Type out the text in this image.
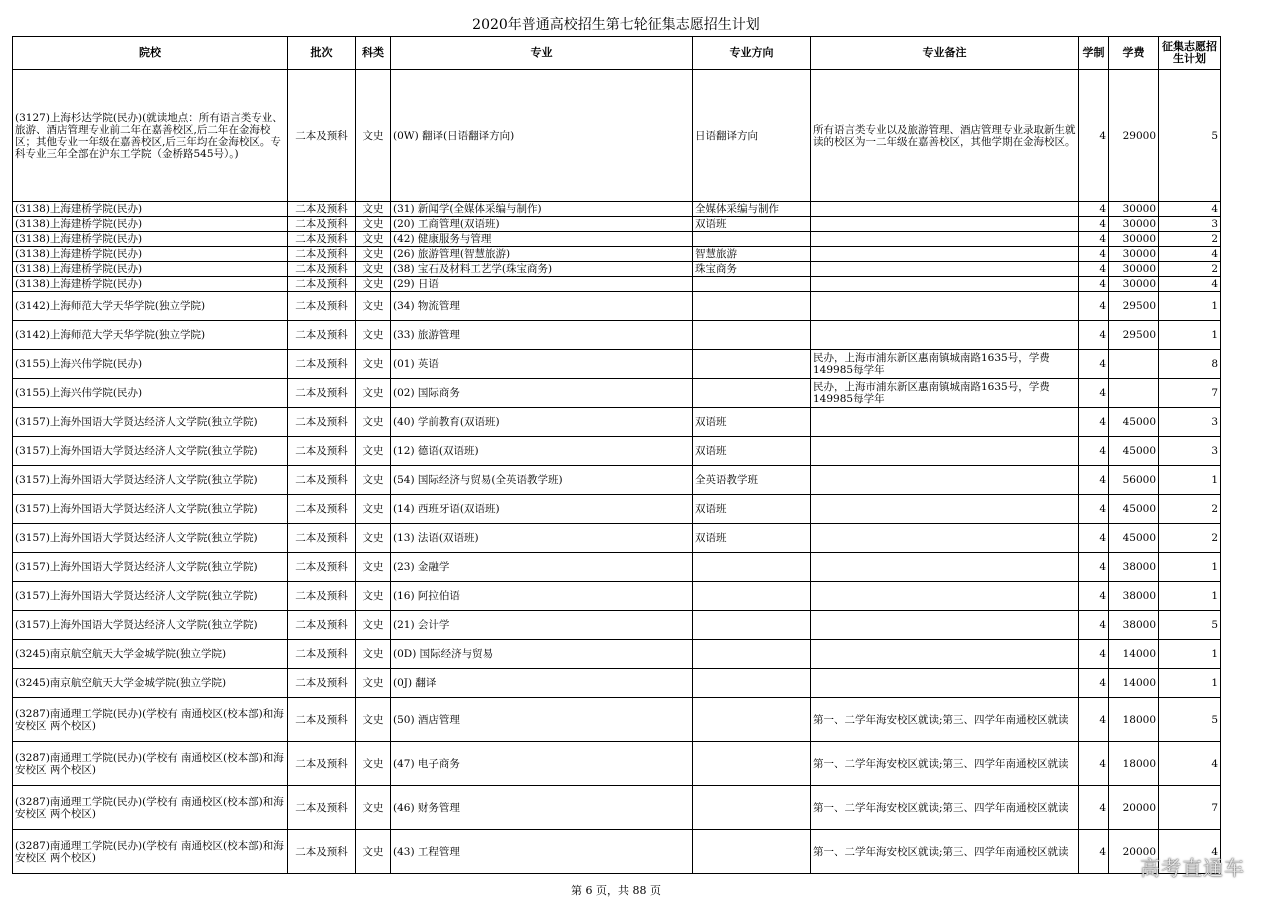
2020年普通高校招生第七轮征集志愿招生计划
院校	批次	科类	专业	专业方向	专业备注	学制	学费	征集志愿招生计划
(3127)上海杉达学院(民办)(就读地点：所有语言类专业、旅游、酒店管理专业前二年在嘉善校区,后二年在金海校区；其他专业一年级在嘉善校区,后三年均在金海校区。专科专业三年全部在沪东工学院（金桥路545号）。)	二本及预科	文史	(0W) 翻译(日语翻译方向)	日语翻译方向	所有语言类专业以及旅游管理、酒店管理专业录取新生就读的校区为一二年级在嘉善校区，其他学期在金海校区。	4	29000	5
(3138)上海建桥学院(民办)	二本及预科	文史	(31) 新闻学(全媒体采编与制作)	全媒体采编与制作		4	30000	4
(3138)上海建桥学院(民办)	二本及预科	文史	(20) 工商管理(双语班)	双语班		4	30000	3
(3138)上海建桥学院(民办)	二本及预科	文史	(42) 健康服务与管理			4	30000	2
(3138)上海建桥学院(民办)	二本及预科	文史	(26) 旅游管理(智慧旅游)	智慧旅游		4	30000	4
(3138)上海建桥学院(民办)	二本及预科	文史	(38) 宝石及材料工艺学(珠宝商务)	珠宝商务		4	30000	2
(3138)上海建桥学院(民办)	二本及预科	文史	(29) 日语			4	30000	4
(3142)上海师范大学天华学院(独立学院)	二本及预科	文史	(34) 物流管理			4	29500	1
(3142)上海师范大学天华学院(独立学院)	二本及预科	文史	(33) 旅游管理			4	29500	1
(3155)上海兴伟学院(民办)	二本及预科	文史	(01) 英语		民办，上海市浦东新区惠南镇城南路1635号，学费149985每学年	4		8
(3155)上海兴伟学院(民办)	二本及预科	文史	(02) 国际商务		民办，上海市浦东新区惠南镇城南路1635号，学费149985每学年	4		7
(3157)上海外国语大学贤达经济人文学院(独立学院)	二本及预科	文史	(40) 学前教育(双语班)	双语班		4	45000	3
(3157)上海外国语大学贤达经济人文学院(独立学院)	二本及预科	文史	(12) 德语(双语班)	双语班		4	45000	3
(3157)上海外国语大学贤达经济人文学院(独立学院)	二本及预科	文史	(54) 国际经济与贸易(全英语教学班)	全英语教学班		4	56000	1
(3157)上海外国语大学贤达经济人文学院(独立学院)	二本及预科	文史	(14) 西班牙语(双语班)	双语班		4	45000	2
(3157)上海外国语大学贤达经济人文学院(独立学院)	二本及预科	文史	(13) 法语(双语班)	双语班		4	45000	2
(3157)上海外国语大学贤达经济人文学院(独立学院)	二本及预科	文史	(23) 金融学			4	38000	1
(3157)上海外国语大学贤达经济人文学院(独立学院)	二本及预科	文史	(16) 阿拉伯语			4	38000	1
(3157)上海外国语大学贤达经济人文学院(独立学院)	二本及预科	文史	(21) 会计学			4	38000	5
(3245)南京航空航天大学金城学院(独立学院)	二本及预科	文史	(0D) 国际经济与贸易			4	14000	1
(3245)南京航空航天大学金城学院(独立学院)	二本及预科	文史	(0J) 翻译			4	14000	1
(3287)南通理工学院(民办)(学校有 南通校区(校本部)和海安校区 两个校区)	二本及预科	文史	(50) 酒店管理		第一、二学年海安校区就读;第三、四学年南通校区就读	4	18000	5
(3287)南通理工学院(民办)(学校有 南通校区(校本部)和海安校区 两个校区)	二本及预科	文史	(47) 电子商务		第一、二学年海安校区就读;第三、四学年南通校区就读	4	18000	4
(3287)南通理工学院(民办)(学校有 南通校区(校本部)和海安校区 两个校区)	二本及预科	文史	(46) 财务管理		第一、二学年海安校区就读;第三、四学年南通校区就读	4	20000	7
(3287)南通理工学院(民办)(学校有 南通校区(校本部)和海安校区 两个校区)	二本及预科	文史	(43) 工程管理		第一、二学年海安校区就读;第三、四学年南通校区就读	4	20000	4
第 6 页，共 88 页
高考直通车
